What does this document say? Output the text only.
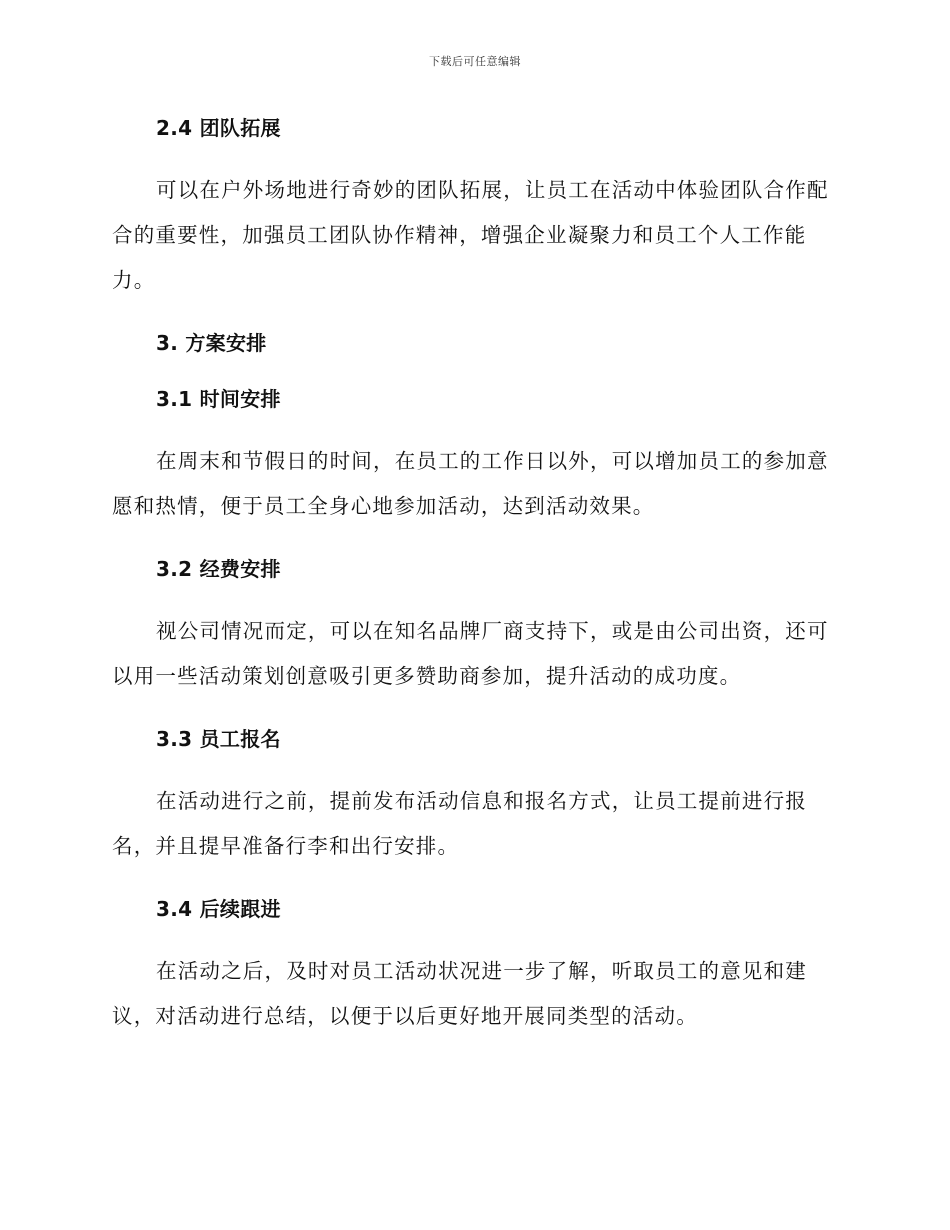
下载后可任意编辑
2.4 团队拓展

可以在户外场地进行奇妙的团队拓展，让员工在活动中体验团队合作配合的重要性，加强员工团队协作精神，增强企业凝聚力和员工个人工作能力。

3. 方案安排
3.1 时间安排

在周末和节假日的时间，在员工的工作日以外，可以增加员工的参加意愿和热情，便于员工全身心地参加活动，达到活动效果。

3.2 经费安排

视公司情况而定，可以在知名品牌厂商支持下，或是由公司出资，还可以用一些活动策划创意吸引更多赞助商参加，提升活动的成功度。

3.3 员工报名

在活动进行之前，提前发布活动信息和报名方式，让员工提前进行报名，并且提早准备行李和出行安排。

3.4 后续跟进

在活动之后，及时对员工活动状况进一步了解，听取员工的意见和建议，对活动进行总结，以便于以后更好地开展同类型的活动。
